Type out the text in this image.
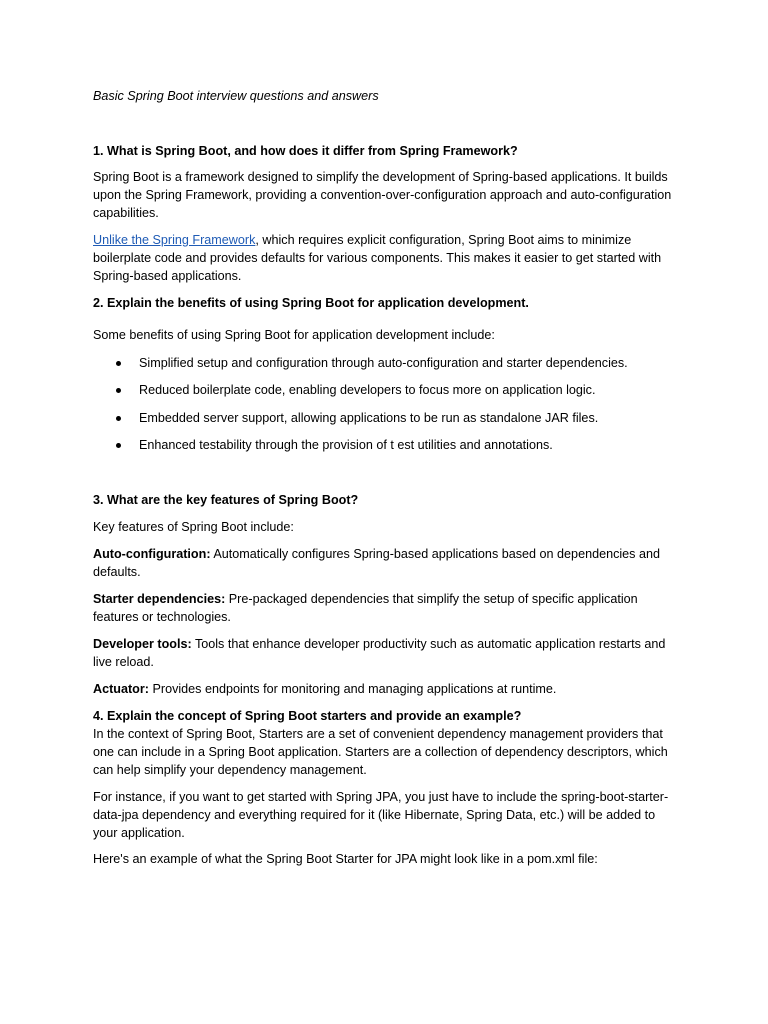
Basic Spring Boot interview questions and answers

1. What is Spring Boot, and how does it differ from Spring Framework?

Spring Boot is a framework designed to simplify the development of Spring-based applications. It builds upon the Spring Framework, providing a convention-over-configuration approach and auto-configuration capabilities.

Unlike the Spring Framework, which requires explicit configuration, Spring Boot aims to minimize boilerplate code and provides defaults for various components. This makes it easier to get started with Spring-based applications.

2. Explain the benefits of using Spring Boot for application development.

Some benefits of using Spring Boot for application development include:

Simplified setup and configuration through auto-configuration and starter dependencies.
Reduced boilerplate code, enabling developers to focus more on application logic.
Embedded server support, allowing applications to be run as standalone JAR files.
Enhanced testability through the provision of t est utilities and annotations.

3. What are the key features of Spring Boot?

Key features of Spring Boot include:

Auto-configuration: Automatically configures Spring-based applications based on dependencies and defaults.

Starter dependencies: Pre-packaged dependencies that simplify the setup of specific application features or technologies.

Developer tools: Tools that enhance developer productivity such as automatic application restarts and live reload.

Actuator: Provides endpoints for monitoring and managing applications at runtime.

4. Explain the concept of Spring Boot starters and provide an example?

In the context of Spring Boot, Starters are a set of convenient dependency management providers that one can include in a Spring Boot application. Starters are a collection of dependency descriptors, which can help simplify your dependency management.

For instance, if you want to get started with Spring JPA, you just have to include the spring-boot-starter-data-jpa dependency and everything required for it (like Hibernate, Spring Data, etc.) will be added to your application.

Here's an example of what the Spring Boot Starter for JPA might look like in a pom.xml file:
